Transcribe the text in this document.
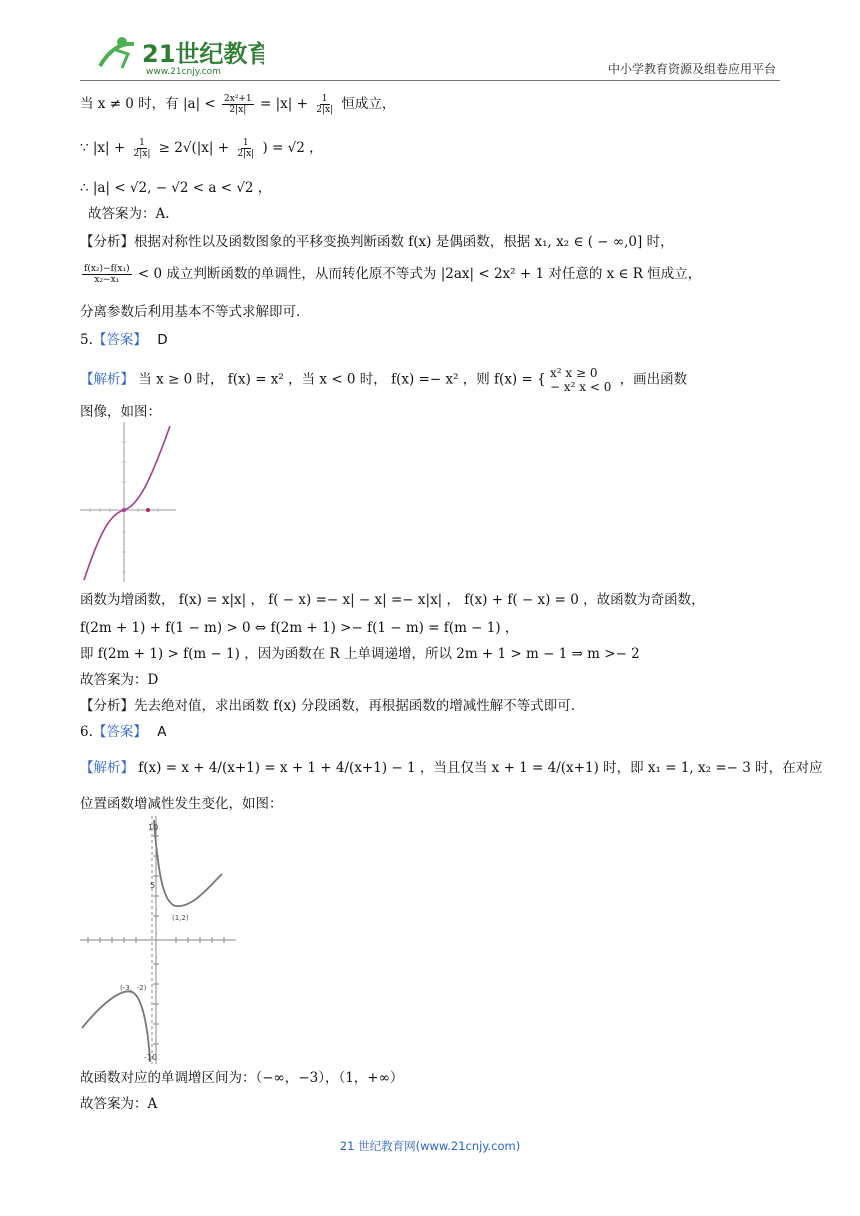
21世纪教育
www.21cnjy.com	中小学教育资源及组卷应用平台
当 x ≠ 0 时，有 $|a| < \frac{\text{2x²+1}}{2|x|} = |x| + \frac{1}{2|x|}$ 恒成立，
∵ $|x| + \frac{1}{2|x|} \ge 2√(|x| + \frac{1}{2|x|}$ ) = √2 ，
∴ |a| < √2, − √2 < a < √2 ，
故答案为：A.
【分析】根据对称性以及函数图象的平移变换判断函数 f(x) 是偶函数，根据 x₁, x₂ ∈ ( − ∞,0] 时，
$\frac{\text{f(x₂)−f(x₁)}}{\text{x₂−x₁}} < 0$ 成立判断函数的单调性，从而转化原不等式为 |2ax| < 2x² + 1 对任意的 x ∈ R 恒成立，
分离参数后利用基本不等式求解即可.
5.【答案】 D
【解析】 当 x ≥ 0 时， f(x) = x² ，当 x < 0 时， f(x) =− x² ，则 f(x) = { x² x ≥ 0
− x² x < 0 ，画出函数
图像，如图：
函数为增函数， f(x) = x|x| ， f( − x) =− x| − x| =− x|x| ， f(x) + f( − x) = 0 ，故函数为奇函数，
f(2m + 1) + f(1 − m) > 0 ⇔ f(2m + 1) >− f(1 − m) = f(m − 1) ，
即 f(2m + 1) > f(m − 1) ，因为函数在 R 上单调递增，所以 2m + 1 > m − 1 ⇒ m >− 2
故答案为：D
【分析】先去绝对值，求出函数 f(x) 分段函数，再根据函数的增减性解不等式即可.
6.【答案】 A
【解析】 f(x) = x + 4/(x+1) = x + 1 + 4/(x+1) − 1 ，当且仅当 x + 1 = 4/(x+1) 时，即 x₁ = 1, x₂ =− 3 时，在对应
位置函数增减性发生变化，如图：
10
5
(1,2)
(-3，-2)
-10
故函数对应的单调增区间为：（−∞，−3），（1，+∞）
故答案为：A
21 世纪教育网(www.21cnjy.com)
